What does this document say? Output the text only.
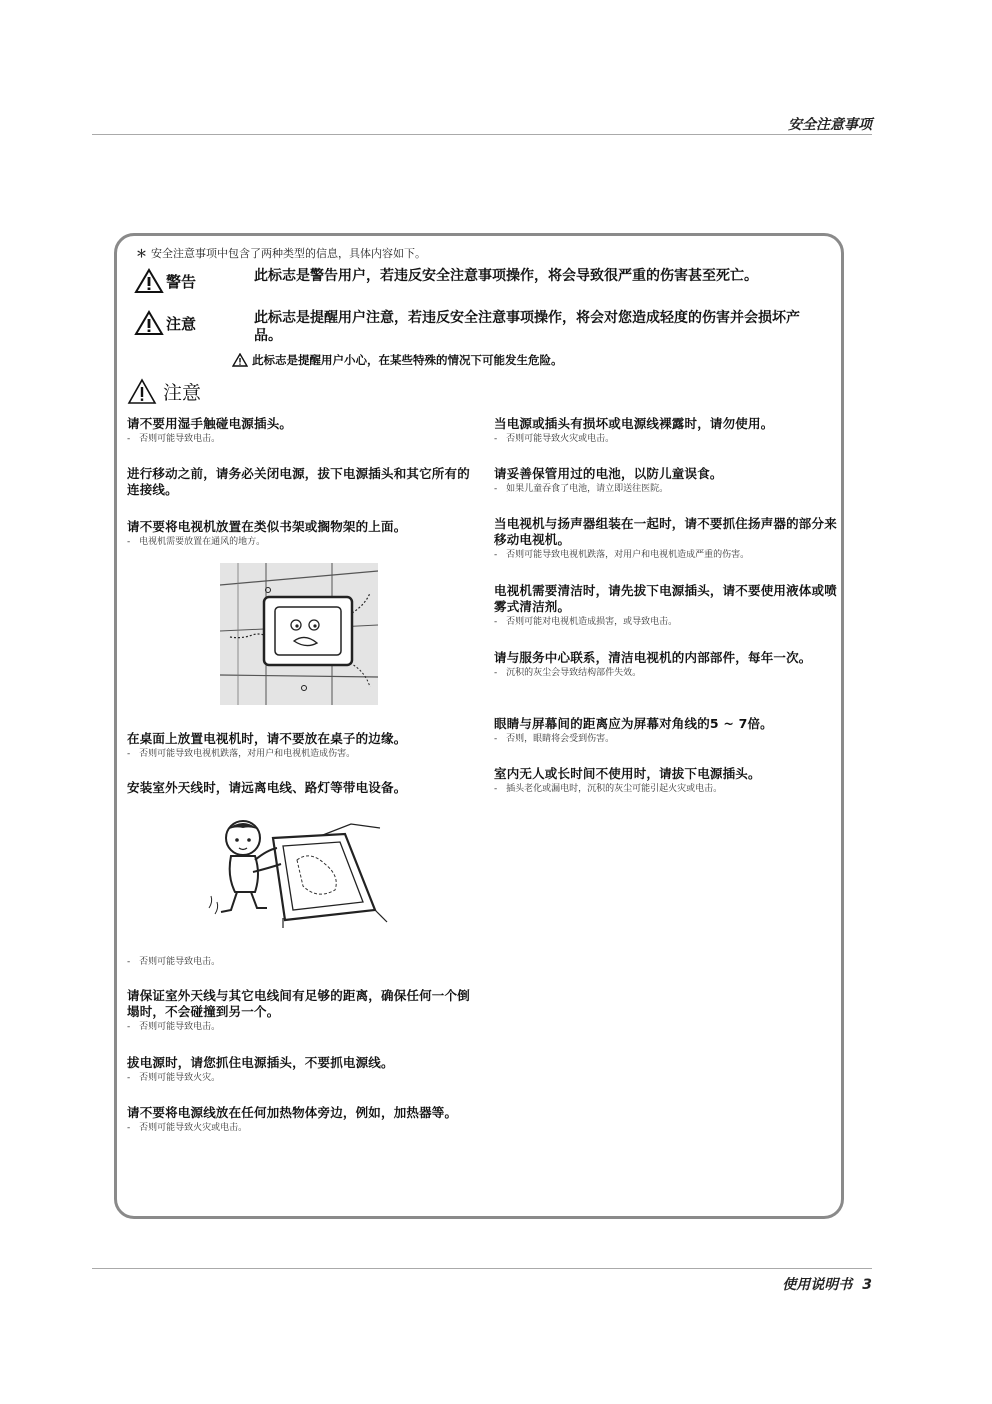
安全注意事项
＊ 安全注意事项中包含了两种类型的信息，具体内容如下。
警告	此标志是警告用户，若违反安全注意事项操作，将会导致很严重的伤害甚至死亡。
注意	此标志是提醒用户注意，若违反安全注意事项操作，将会对您造成轻度的伤害并会损坏产品。
此标志是提醒用户小心，在某些特殊的情况下可能发生危险。
注意
请不要用湿手触碰电源插头。
- 否则可能导致电击。
进行移动之前，请务必关闭电源，拔下电源插头和其它所有的连接线。
请不要将电视机放置在类似书架或搁物架的上面。
- 电视机需要放置在通风的地方。
在桌面上放置电视机时，请不要放在桌子的边缘。
- 否则可能导致电视机跌落，对用户和电视机造成伤害。
安装室外天线时，请远离电线、路灯等带电设备。
- 否则可能导致电击。
请保证室外天线与其它电线间有足够的距离，确保任何一个倒塌时，不会碰撞到另一个。
- 否则可能导致电击。
拔电源时，请您抓住电源插头，不要抓电源线。
- 否则可能导致火灾。
请不要将电源线放在任何加热物体旁边，例如，加热器等。
- 否则可能导致火灾或电击。
当电源或插头有损坏或电源线裸露时，请勿使用。
- 否则可能导致火灾或电击。
请妥善保管用过的电池，以防儿童误食。
- 如果儿童吞食了电池，请立即送往医院。
当电视机与扬声器组装在一起时，请不要抓住扬声器的部分来移动电视机。
- 否则可能导致电视机跌落，对用户和电视机造成严重的伤害。
电视机需要清洁时，请先拔下电源插头，请不要使用液体或喷雾式清洁剂。
- 否则可能对电视机造成损害，或导致电击。
请与服务中心联系，清洁电视机的内部部件，每年一次。
- 沉积的灰尘会导致结构部件失效。
眼睛与屏幕间的距离应为屏幕对角线的5 ~ 7倍。
- 否则，眼睛将会受到伤害。
室内无人或长时间不使用时，请拔下电源插头。
- 插头老化或漏电时，沉积的灰尘可能引起火灾或电击。
使用说明书 3
